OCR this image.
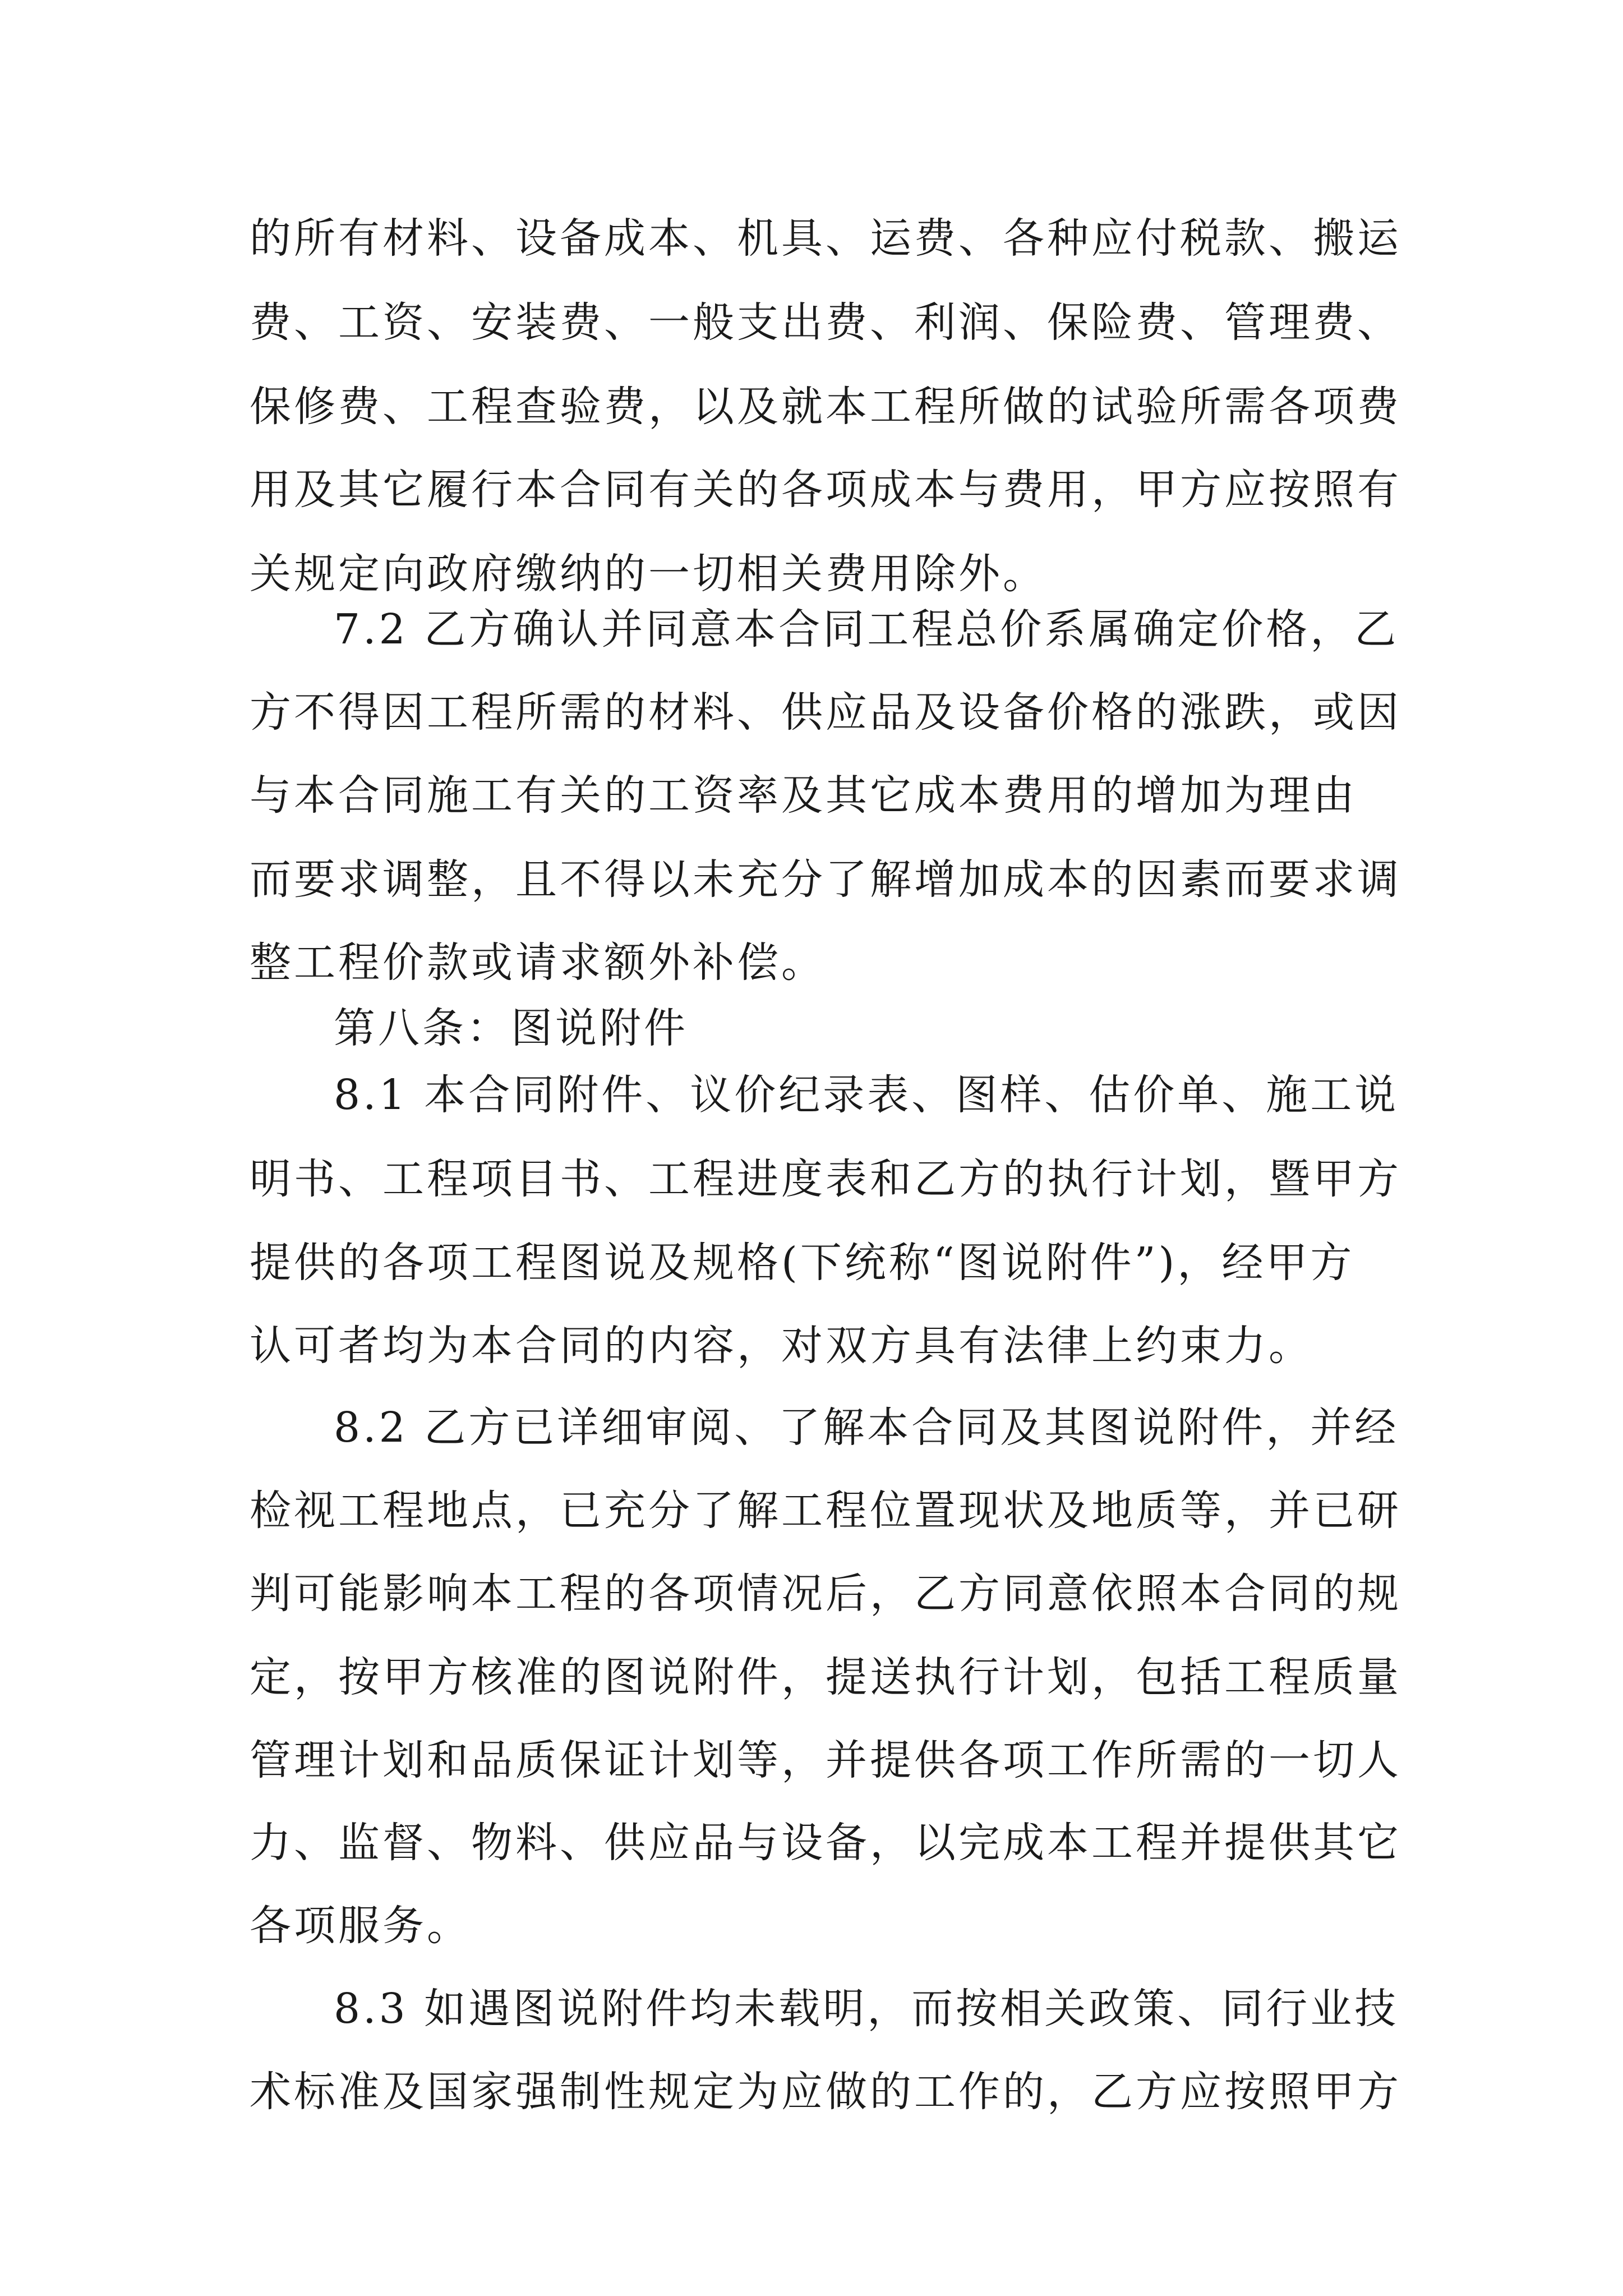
的所有材料、设备成本、机具、运费、各种应付税款、搬运
费、工资、安装费、一般支出费、利润、保险费、管理费、
保修费、工程查验费，以及就本工程所做的试验所需各项费
用及其它履行本合同有关的各项成本与费用，甲方应按照有
关规定向政府缴纳的一切相关费用除外。
7.2 乙方确认并同意本合同工程总价系属确定价格，乙
方不得因工程所需的材料、供应品及设备价格的涨跌，或因
与本合同施工有关的工资率及其它成本费用的增加为理由
而要求调整，且不得以未充分了解增加成本的因素而要求调
整工程价款或请求额外补偿。
第八条：图说附件
8.1 本合同附件、议价纪录表、图样、估价单、施工说
明书、工程项目书、工程进度表和乙方的执行计划，暨甲方
提供的各项工程图说及规格(下统称“图说附件”)，经甲方
认可者均为本合同的内容，对双方具有法律上约束力。
8.2 乙方已详细审阅、了解本合同及其图说附件，并经
检视工程地点，已充分了解工程位置现状及地质等，并已研
判可能影响本工程的各项情况后，乙方同意依照本合同的规
定，按甲方核准的图说附件，提送执行计划，包括工程质量
管理计划和品质保证计划等，并提供各项工作所需的一切人
力、监督、物料、供应品与设备，以完成本工程并提供其它
各项服务。
8.3 如遇图说附件均未载明，而按相关政策、同行业技
术标准及国家强制性规定为应做的工作的，乙方应按照甲方
